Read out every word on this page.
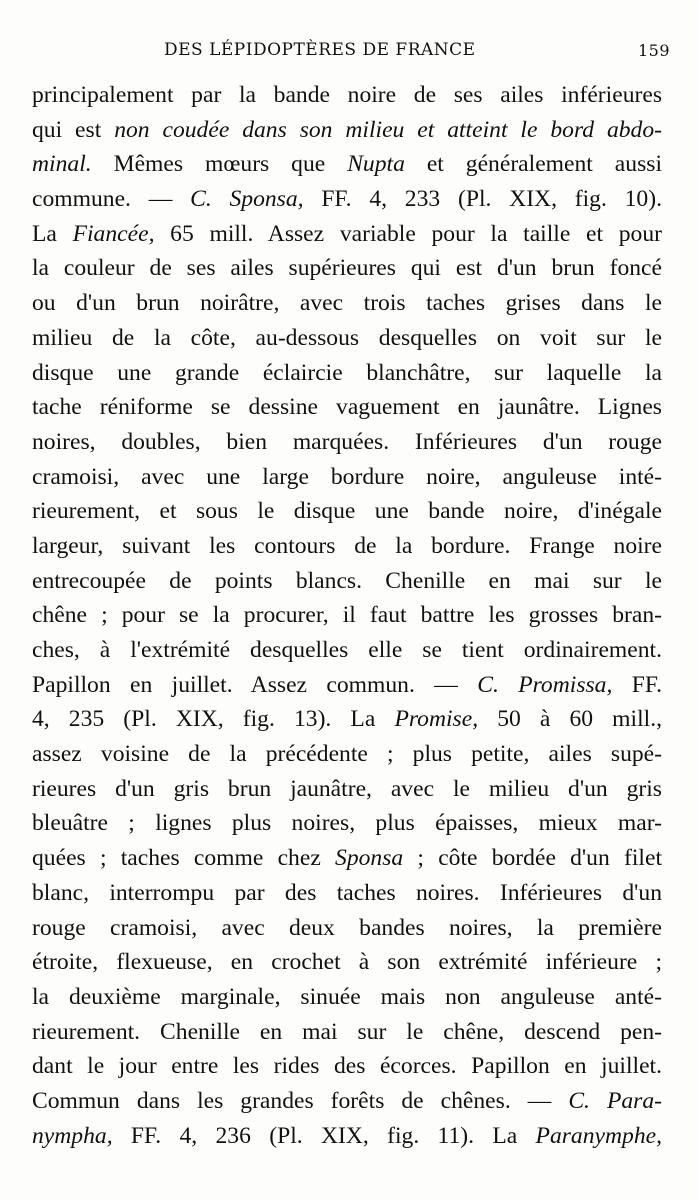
DES LÉPIDOPTÈRES DE FRANCE	159
principalement par la bande noire de ses ailes inférieures
qui est non coudée dans son milieu et atteint le bord abdo-
minal. Mêmes mœurs que Nupta et généralement aussi
commune. — C. Sponsa, FF. 4, 233 (Pl. XIX, fig. 10).
La Fiancée, 65 mill. Assez variable pour la taille et pour
la couleur de ses ailes supérieures qui est d'un brun foncé
ou d'un brun noirâtre, avec trois taches grises dans le
milieu de la côte, au-dessous desquelles on voit sur le
disque une grande éclaircie blanchâtre, sur laquelle la
tache réniforme se dessine vaguement en jaunâtre. Lignes
noires, doubles, bien marquées. Inférieures d'un rouge
cramoisi, avec une large bordure noire, anguleuse inté-
rieurement, et sous le disque une bande noire, d'inégale
largeur, suivant les contours de la bordure. Frange noire
entrecoupée de points blancs. Chenille en mai sur le
chêne ; pour se la procurer, il faut battre les grosses bran-
ches, à l'extrémité desquelles elle se tient ordinairement.
Papillon en juillet. Assez commun. — C. Promissa, FF.
4, 235 (Pl. XIX, fig. 13). La Promise, 50 à 60 mill.,
assez voisine de la précédente ; plus petite, ailes supé-
rieures d'un gris brun jaunâtre, avec le milieu d'un gris
bleuâtre ; lignes plus noires, plus épaisses, mieux mar-
quées ; taches comme chez Sponsa ; côte bordée d'un filet
blanc, interrompu par des taches noires. Inférieures d'un
rouge cramoisi, avec deux bandes noires, la première
étroite, flexueuse, en crochet à son extrémité inférieure ;
la deuxième marginale, sinuée mais non anguleuse anté-
rieurement. Chenille en mai sur le chêne, descend pen-
dant le jour entre les rides des écorces. Papillon en juillet.
Commun dans les grandes forêts de chênes. — C. Para-
nympha, FF. 4, 236 (Pl. XIX, fig. 11). La Paranymphe,
